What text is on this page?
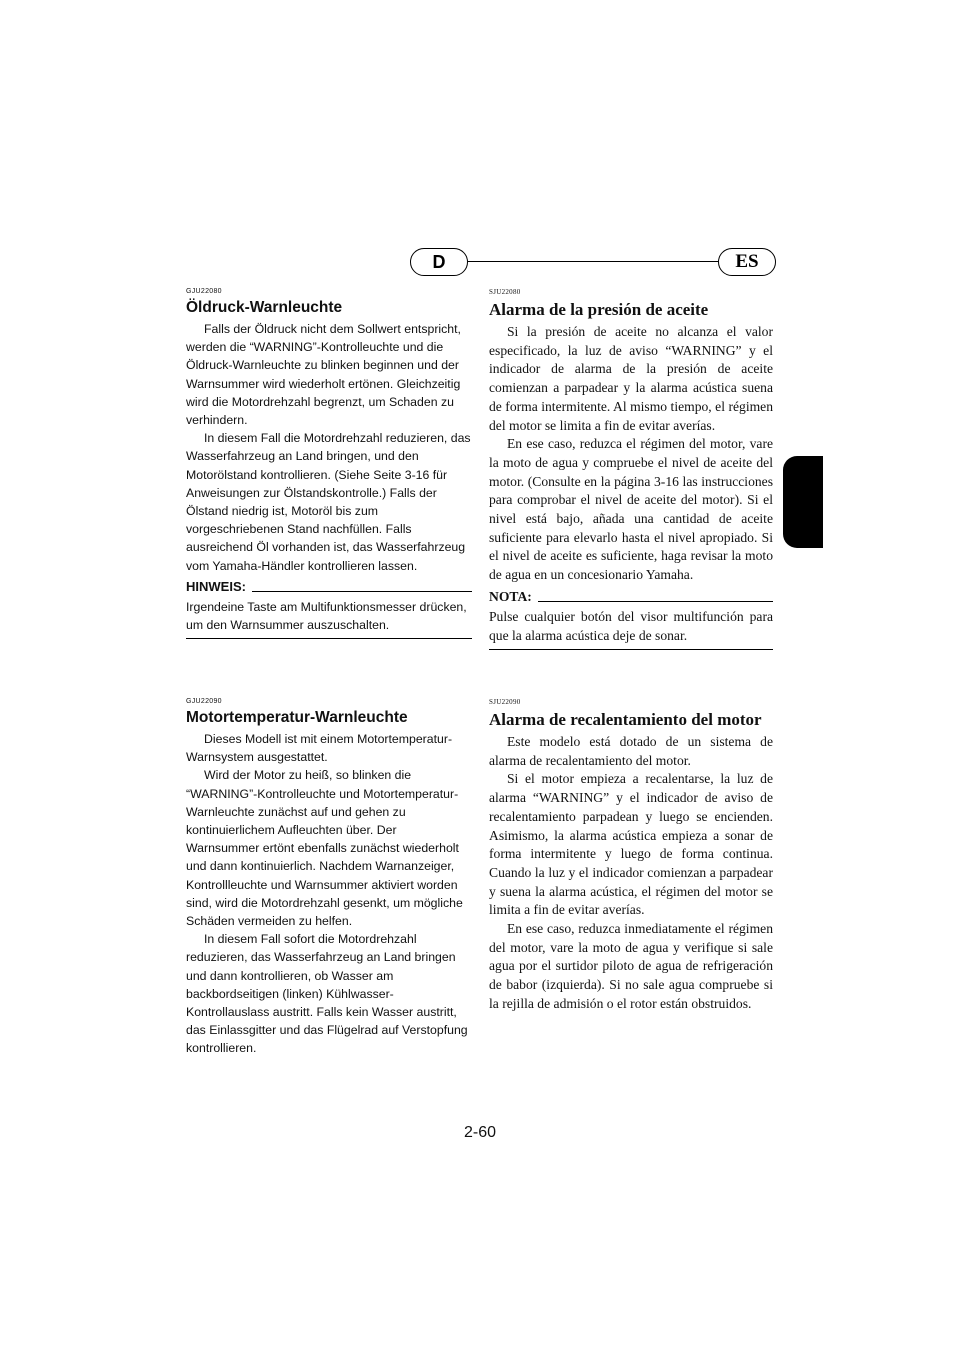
D	ES
GJU22080
Öldruck-Warnleuchte

Falls der Öldruck nicht dem Sollwert entspricht, werden die “WARNING”-Kontrolleuchte und die Öldruck-Warnleuchte zu blinken beginnen und der Warnsummer wird wiederholt ertönen. Gleichzeitig wird die Motordrehzahl begrenzt, um Schaden zu verhindern.

In diesem Fall die Motordrehzahl reduzieren, das Wasserfahrzeug an Land bringen, und den Motorölstand kontrollieren. (Siehe Seite 3-16 für Anweisungen zur Ölstandskontrolle.) Falls der Ölstand niedrig ist, Motoröl bis zum vorgeschriebenen Stand nachfüllen. Falls ausreichend Öl vorhanden ist, das Wasserfahrzeug vom Yamaha-Händler kontrollieren lassen.

HINWEIS:

Irgendeine Taste am Multifunktionsmesser drücken, um den Warnsummer auszuschalten.

SJU22080
Alarma de la presión de aceite

Si la presión de aceite no alcanza el valor especificado, la luz de aviso “WARNING” y el indicador de alarma de la presión de aceite comienzan a parpadear y la alarma acústica suena de forma intermitente. Al mismo tiempo, el régimen del motor se limita a fin de evitar averías.

En ese caso, reduzca el régimen del motor, vare la moto de agua y compruebe el nivel de aceite del motor. (Consulte en la página 3-16 las instrucciones para comprobar el nivel de aceite del motor). Si el nivel está bajo, añada una cantidad de aceite suficiente para elevarlo hasta el nivel apropiado. Si el nivel de aceite es suficiente, haga revisar la moto de agua en un concesionario Yamaha.

NOTA:

Pulse cualquier botón del visor multifunción para que la alarma acústica deje de sonar.

GJU22090
Motortemperatur-Warnleuchte

Dieses Modell ist mit einem Motortemperatur-Warnsystem ausgestattet.

Wird der Motor zu heiß, so blinken die “WARNING”-Kontrolleuchte und Motortemperatur-Warnleuchte zunächst auf und gehen zu kontinuierlichem Aufleuchten über. Der Warnsummer ertönt ebenfalls zunächst wiederholt und dann kontinuierlich. Nachdem Warnanzeiger, Kontrollleuchte und Warnsummer aktiviert worden sind, wird die Motordrehzahl gesenkt, um mögliche Schäden vermeiden zu helfen.

In diesem Fall sofort die Motordrehzahl reduzieren, das Wasserfahrzeug an Land bringen und dann kontrollieren, ob Wasser am backbordseitigen (linken) Kühlwasser-Kontrollauslass austritt. Falls kein Wasser austritt, das Einlassgitter und das Flügelrad auf Verstopfung kontrollieren.

SJU22090
Alarma de recalentamiento del motor

Este modelo está dotado de un sistema de alarma de recalentamiento del motor.

Si el motor empieza a recalentarse, la luz de alarma “WARNING” y el indicador de aviso de recalentamiento parpadean y luego se encienden. Asimismo, la alarma acústica empieza a sonar de forma intermitente y luego de forma continua. Cuando la luz y el indicador comienzan a parpadear y suena la alarma acústica, el régimen del motor se limita a fin de evitar averías.

En ese caso, reduzca inmediatamente el régimen del motor, vare la moto de agua y verifique si sale agua por el surtidor piloto de agua de refrigeración de babor (izquierda). Si no sale agua compruebe si la rejilla de admisión o el rotor están obstruidos.

2-60
